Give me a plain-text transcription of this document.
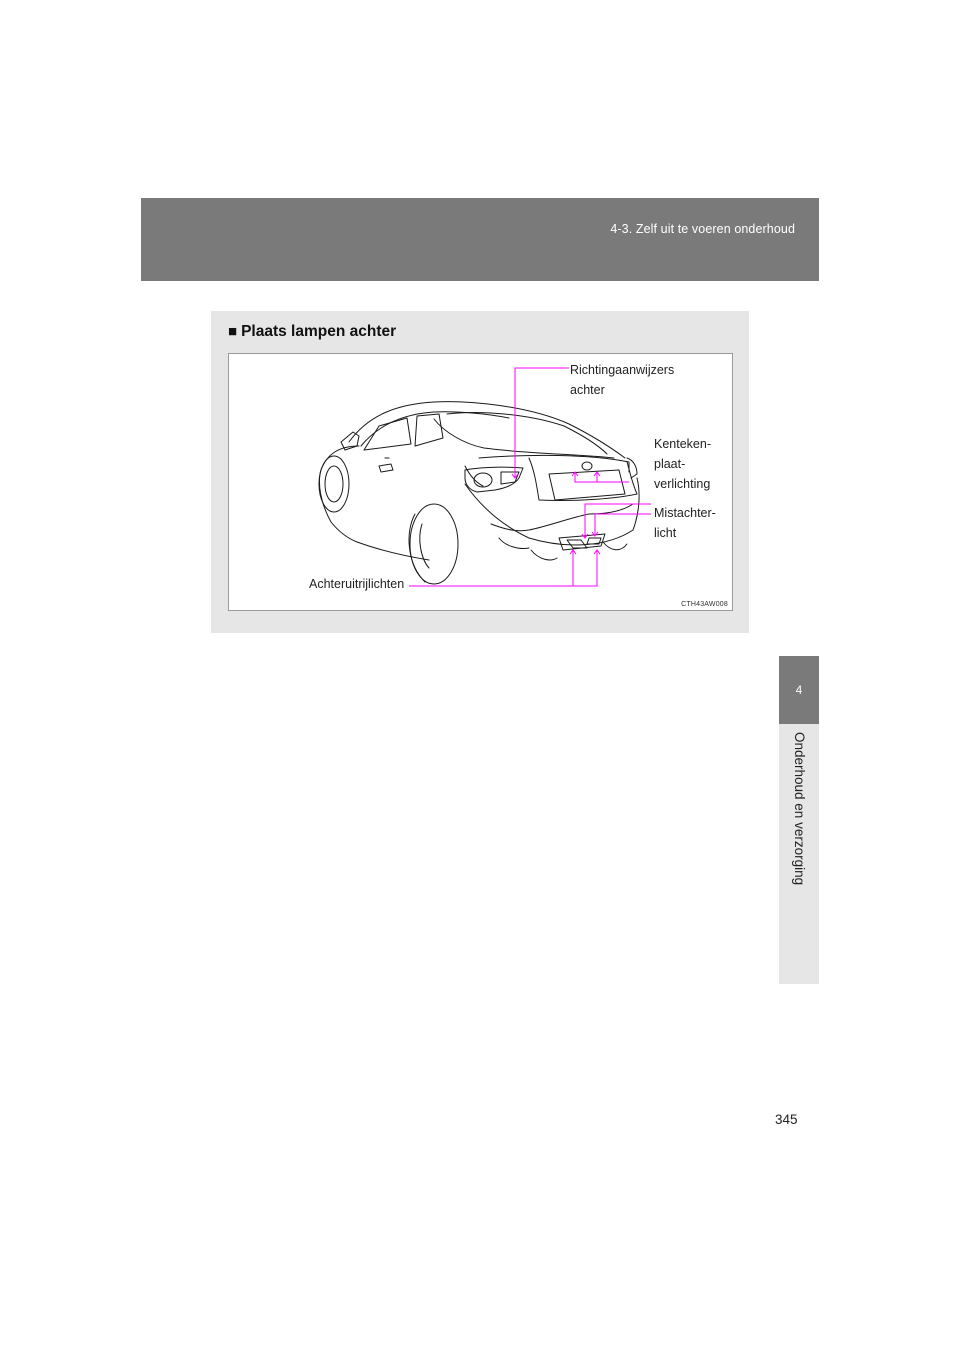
4-3. Zelf uit te voeren onderhoud
4
Onderhoud en verzorging
■ Plaats lampen achter
Richtingaanwijzers
achter
Kenteken-
plaat-
verlichting
Mistachter-
licht
Achteruitrijlichten
CTH43AW008
345
